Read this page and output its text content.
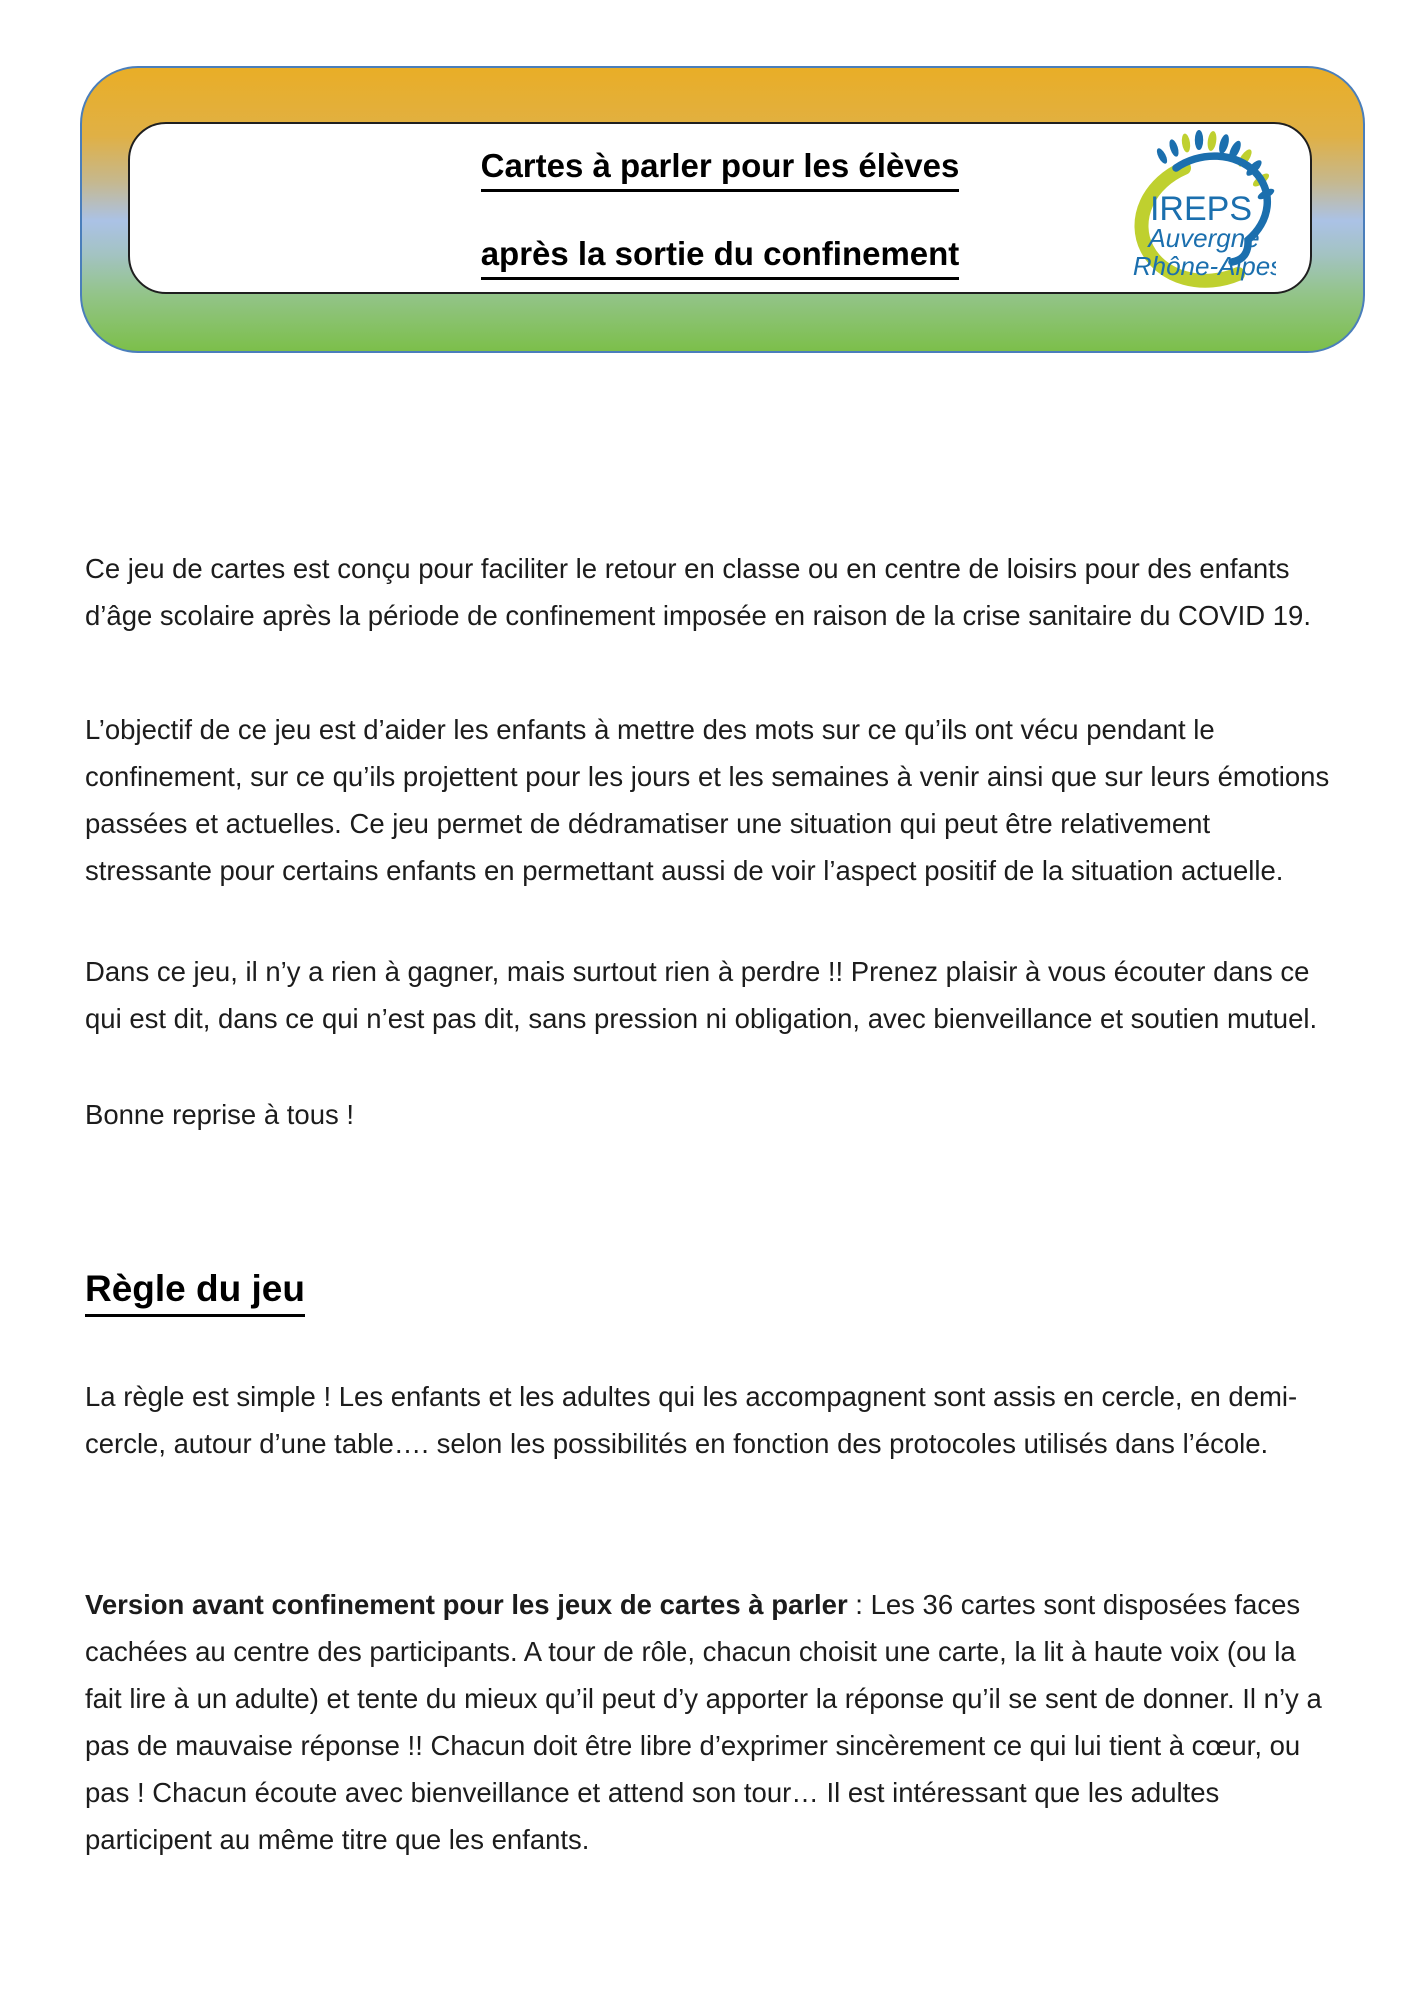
Cartes à parler pour les élèves
après la sortie du confinement
IREPS
Auvergne
Rhône-Alpes

Ce jeu de cartes est conçu pour faciliter le retour en classe ou en centre de loisirs pour des enfants d’âge scolaire après la période de confinement imposée en raison de la crise sanitaire du COVID 19.

L’objectif de ce jeu est d’aider les enfants à mettre des mots sur ce qu’ils ont vécu pendant le confinement, sur ce qu’ils projettent pour les jours et les semaines à venir ainsi que sur leurs émotions passées et actuelles. Ce jeu permet de dédramatiser une situation qui peut être relativement stressante pour certains enfants en permettant aussi de voir l’aspect positif de la situation actuelle.

Dans ce jeu, il n’y a rien à gagner, mais surtout rien à perdre !! Prenez plaisir à vous écouter dans ce qui est dit, dans ce qui n’est pas dit, sans pression ni obligation, avec bienveillance et soutien mutuel.

Bonne reprise à tous !

Règle du jeu

La règle est simple ! Les enfants et les adultes qui les accompagnent sont assis en cercle, en demi-cercle, autour d’une table…. selon les possibilités en fonction des protocoles utilisés dans l’école.

Version avant confinement pour les jeux de cartes à parler : Les 36 cartes sont disposées faces cachées au centre des participants. A tour de rôle, chacun choisit une carte, la lit à haute voix (ou la fait lire à un adulte) et tente du mieux qu’il peut d’y apporter la réponse qu’il se sent de donner. Il n’y a pas de mauvaise réponse !! Chacun doit être libre d’exprimer sincèrement ce qui lui tient à cœur, ou pas ! Chacun écoute avec bienveillance et attend son tour… Il est intéressant que les adultes participent au même titre que les enfants.
